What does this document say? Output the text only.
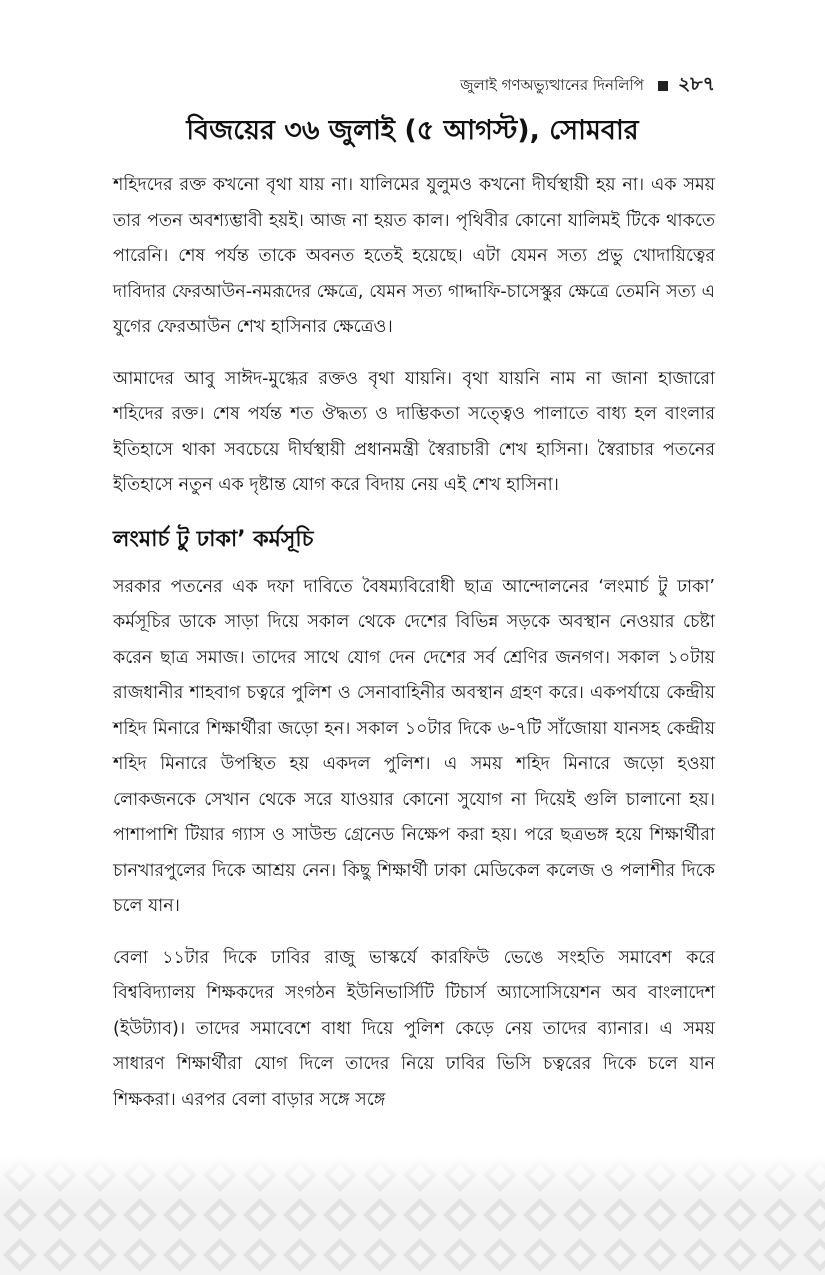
জুলাই গণঅভ্যুত্থানের দিনলিপি ২৮৭
বিজয়ের ৩৬ জুলাই (৫ আগস্ট), সোমবার

শহিদদের রক্ত কখনো বৃথা যায় না। যালিমের যুলুমও কখনো দীর্ঘস্থায়ী হয় না। এক সময় তার পতন অবশ্যম্ভাবী হয়ই। আজ না হয়ত কাল। পৃথিবীর কোনো যালিমই টিকে থাকতে পারেনি। শেষ পর্যন্ত তাকে অবনত হতেই হয়েছে। এটা যেমন সত্য প্রভু খোদায়িত্বের দাবিদার ফেরআউন-নমরূদের ক্ষেত্রে, যেমন সত্য গাদ্দাফি-চাসেস্কুর ক্ষেত্রে তেমনি সত্য এ যুগের ফেরআউন শেখ হাসিনার ক্ষেত্রেও।

আমাদের আবু সাঈদ-মুগ্ধের রক্তও বৃথা যায়নি। বৃথা যায়নি নাম না জানা হাজারো শহিদের রক্ত। শেষ পর্যন্ত শত ঔদ্ধত্য ও দাম্ভিকতা সত্ত্বেও পালাতে বাধ্য হল বাংলার ইতিহাসে থাকা সবচেয়ে দীর্ঘস্থায়ী প্রধানমন্ত্রী স্বৈরাচারী শেখ হাসিনা। স্বৈরাচার পতনের ইতিহাসে নতুন এক দৃষ্টান্ত যোগ করে বিদায় নেয় এই শেখ হাসিনা।

লংমার্চ টু ঢাকা’ কর্মসূচি

সরকার পতনের এক দফা দাবিতে বৈষম্যবিরোধী ছাত্র আন্দোলনের ‘লংমার্চ টু ঢাকা’ কর্মসূচির ডাকে সাড়া দিয়ে সকাল থেকে দেশের বিভিন্ন সড়কে অবস্থান নেওয়ার চেষ্টা করেন ছাত্র সমাজ। তাদের সাথে যোগ দেন দেশের সর্ব শ্রেণির জনগণ। সকাল ১০টায় রাজধানীর শাহবাগ চত্বরে পুলিশ ও সেনাবাহিনীর অবস্থান গ্রহণ করে। একপর্যায়ে কেন্দ্রীয় শহিদ মিনারে শিক্ষার্থীরা জড়ো হন। সকাল ১০টার দিকে ৬-৭টি সাঁজোয়া যানসহ কেন্দ্রীয় শহিদ মিনারে উপস্থিত হয় একদল পুলিশ। এ সময় শহিদ মিনারে জড়ো হওয়া লোকজনকে সেখান থেকে সরে যাওয়ার কোনো সুযোগ না দিয়েই গুলি চালানো হয়। পাশাপাশি টিয়ার গ্যাস ও সাউন্ড গ্রেনেড নিক্ষেপ করা হয়। পরে ছত্রভঙ্গ হয়ে শিক্ষার্থীরা চানখারপুলের দিকে আশ্রয় নেন। কিছু শিক্ষার্থী ঢাকা মেডিকেল কলেজ ও পলাশীর দিকে চলে যান।

বেলা ১১টার দিকে ঢাবির রাজু ভাস্কর্যে কারফিউ ভেঙে সংহতি সমাবেশ করে বিশ্ববিদ্যালয় শিক্ষকদের সংগঠন ইউনিভার্সিটি টিচার্স অ্যাসোসিয়েশন অব বাংলাদেশ (ইউট্যাব)। তাদের সমাবেশে বাধা দিয়ে পুলিশ কেড়ে নেয় তাদের ব্যানার। এ সময় সাধারণ শিক্ষার্থীরা যোগ দিলে তাদের নিয়ে ঢাবির ভিসি চত্বরের দিকে চলে যান শিক্ষকরা। এরপর বেলা বাড়ার সঙ্গে সঙ্গে
